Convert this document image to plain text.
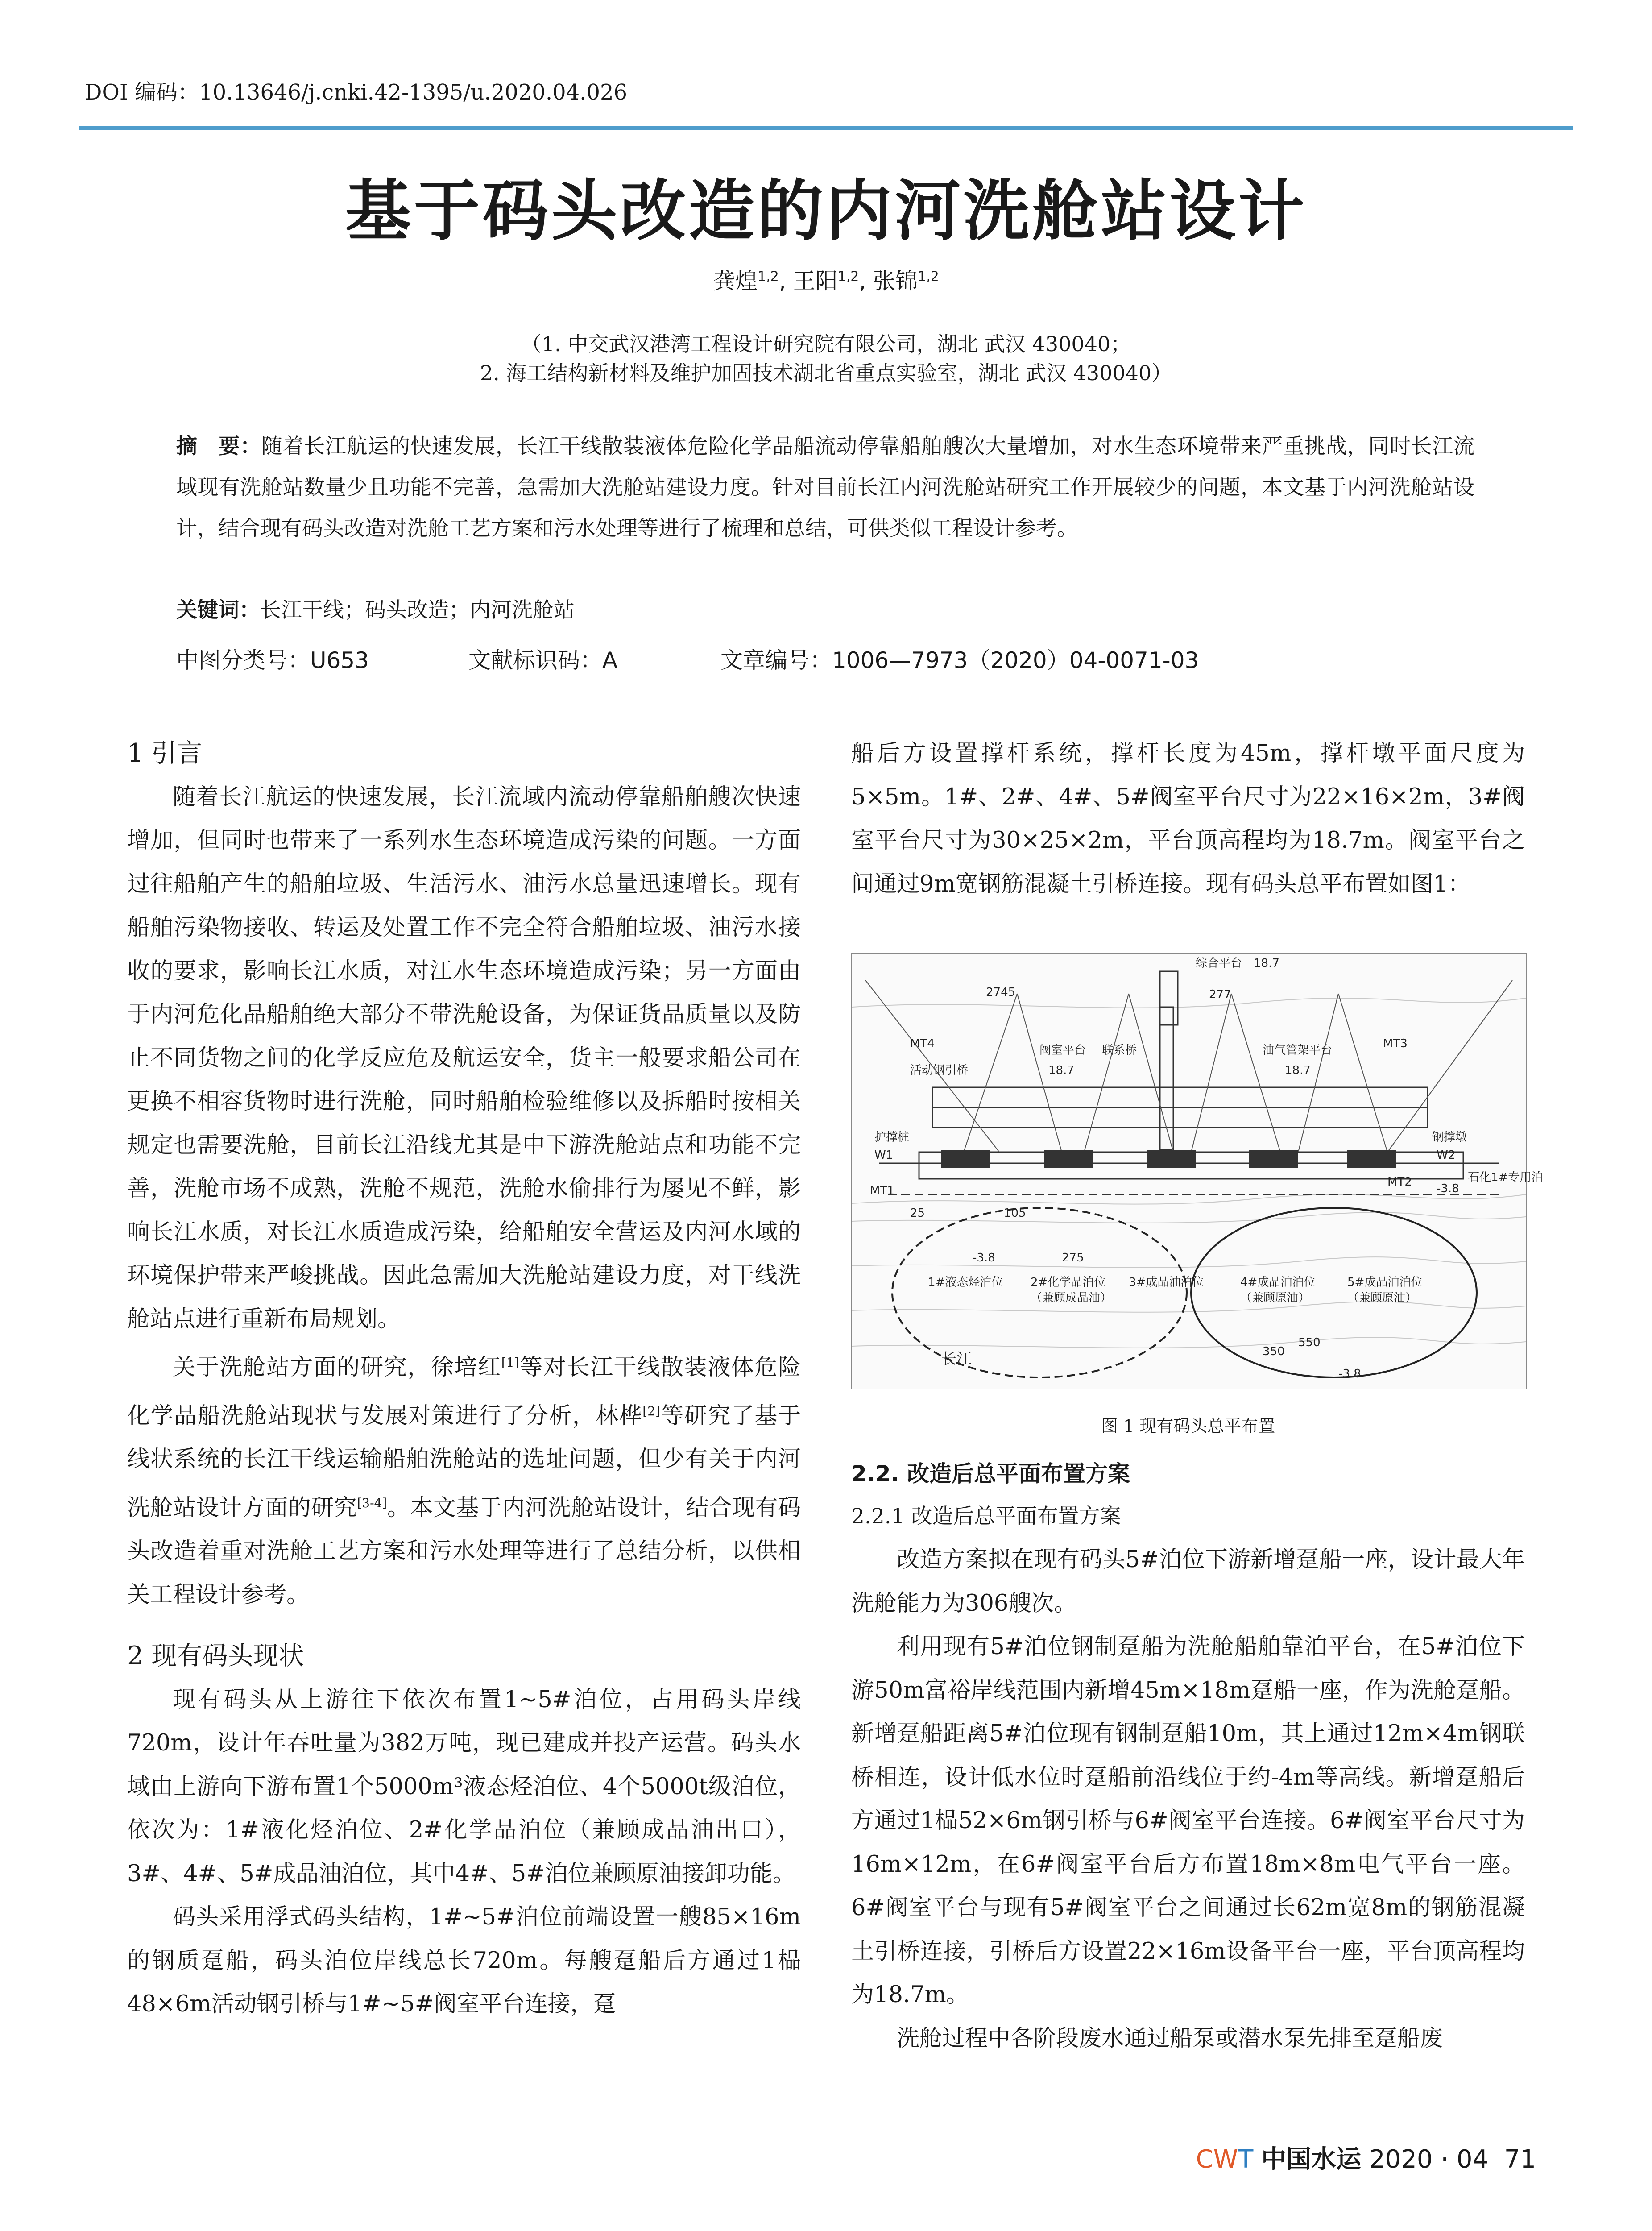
DOI 编码：10.13646/j.cnki.42-1395/u.2020.04.026
基于码头改造的内河洗舱站设计
龚煌$^{1,2}$, 王阳$^{1,2}$, 张锦$^{1,2}$
（1. 中交武汉港湾工程设计研究院有限公司，湖北 武汉 430040；
2. 海工结构新材料及维护加固技术湖北省重点实验室，湖北 武汉 430040）
摘　要：随着长江航运的快速发展，长江干线散装液体危险化学品船流动停靠船舶艘次大量增加，对水生态环境带来严重挑战，同时长江流域现有洗舱站数量少且功能不完善，急需加大洗舱站建设力度。针对目前长江内河洗舱站研究工作开展较少的问题，本文基于内河洗舱站设计，结合现有码头改造对洗舱工艺方案和污水处理等进行了梳理和总结，可供类似工程设计参考。
关键词：长江干线；码头改造；内河洗舱站
中图分类号：U653	文献标识码：A	文章编号：1006—7973（2020）04-0071-03
1 引言

随着长江航运的快速发展，长江流域内流动停靠船舶艘次快速增加，但同时也带来了一系列水生态环境造成污染的问题。一方面过往船舶产生的船舶垃圾、生活污水、油污水总量迅速增长。现有船舶污染物接收、转运及处置工作不完全符合船舶垃圾、油污水接收的要求，影响长江水质，对江水生态环境造成污染；另一方面由于内河危化品船舶绝大部分不带洗舱设备，为保证货品质量以及防止不同货物之间的化学反应危及航运安全，货主一般要求船公司在更换不相容货物时进行洗舱，同时船舶检验维修以及拆船时按相关规定也需要洗舱，目前长江沿线尤其是中下游洗舱站点和功能不完善，洗舱市场不成熟，洗舱不规范，洗舱水偷排行为屡见不鲜，影响长江水质，对长江水质造成污染，给船舶安全营运及内河水域的环境保护带来严峻挑战。因此急需加大洗舱站建设力度，对干线洗舱站点进行重新布局规划。

关于洗舱站方面的研究，徐培红[1]等对长江干线散装液体危险化学品船洗舱站现状与发展对策进行了分析，林桦[2]等研究了基于线状系统的长江干线运输船舶洗舱站的选址问题，但少有关于内河洗舱站设计方面的研究[3-4]。本文基于内河洗舱站设计，结合现有码头改造着重对洗舱工艺方案和污水处理等进行了总结分析，以供相关工程设计参考。

2 现有码头现状

现有码头从上游往下依次布置1~5#泊位，占用码头岸线720m，设计年吞吐量为382万吨，现已建成并投产运营。码头水域由上游向下游布置1个5000m³液态烃泊位、4个5000t级泊位，依次为：1#液化烃泊位、2#化学品泊位（兼顾成品油出口），3#、4#、5#成品油泊位，其中4#、5#泊位兼顾原油接卸功能。

码头采用浮式码头结构，1#~5#泊位前端设置一艘85×16m的钢质趸船，码头泊位岸线总长720m。每艘趸船后方通过1榀48×6m活动钢引桥与1#~5#阀室平台连接，趸

船后方设置撑杆系统，撑杆长度为45m，撑杆墩平面尺度为5×5m。1#、2#、4#、5#阀室平台尺寸为22×16×2m，3#阀室平台尺寸为30×25×2m，平台顶高程均为18.7m。阀室平台之间通过9m宽钢筋混凝土引桥连接。现有码头总平布置如图1：

综合平台 18.7
277
2745
MT4	MT3
MT1
MT2
W1	W2
活动钢引桥
阀室平台 联系桥	油气管架平台
18.7	18.7
护撑桩	钢撑墩
-3.8
石化1#专用泊
25	105
275
-3.8
1#液态烃泊位 2#化学品泊位
（兼顾成品油）
3#成品油泊位	4#成品油泊位
（兼顾原油）
5#成品油泊位
（兼顾原油）
550
350
-3.8
长江
图 1 现有码头总平布置
2.2. 改造后总平面布置方案
2.2.1 改造后总平面布置方案

改造方案拟在现有码头5#泊位下游新增趸船一座，设计最大年洗舱能力为306艘次。

利用现有5#泊位钢制趸船为洗舱船舶靠泊平台，在5#泊位下游50m富裕岸线范围内新增45m×18m趸船一座，作为洗舱趸船。新增趸船距离5#泊位现有钢制趸船10m，其上通过12m×4m钢联桥相连，设计低水位时趸船前沿线位于约-4m等高线。新增趸船后方通过1榀52×6m钢引桥与6#阀室平台连接。6#阀室平台尺寸为16m×12m，在6#阀室平台后方布置18m×8m电气平台一座。6#阀室平台与现有5#阀室平台之间通过长62m宽8m的钢筋混凝土引桥连接，引桥后方设置22×16m设备平台一座，平台顶高程均为18.7m。

洗舱过程中各阶段废水通过船泵或潜水泵先排至趸船废

CWT 中国水运 2020 · 04 71
